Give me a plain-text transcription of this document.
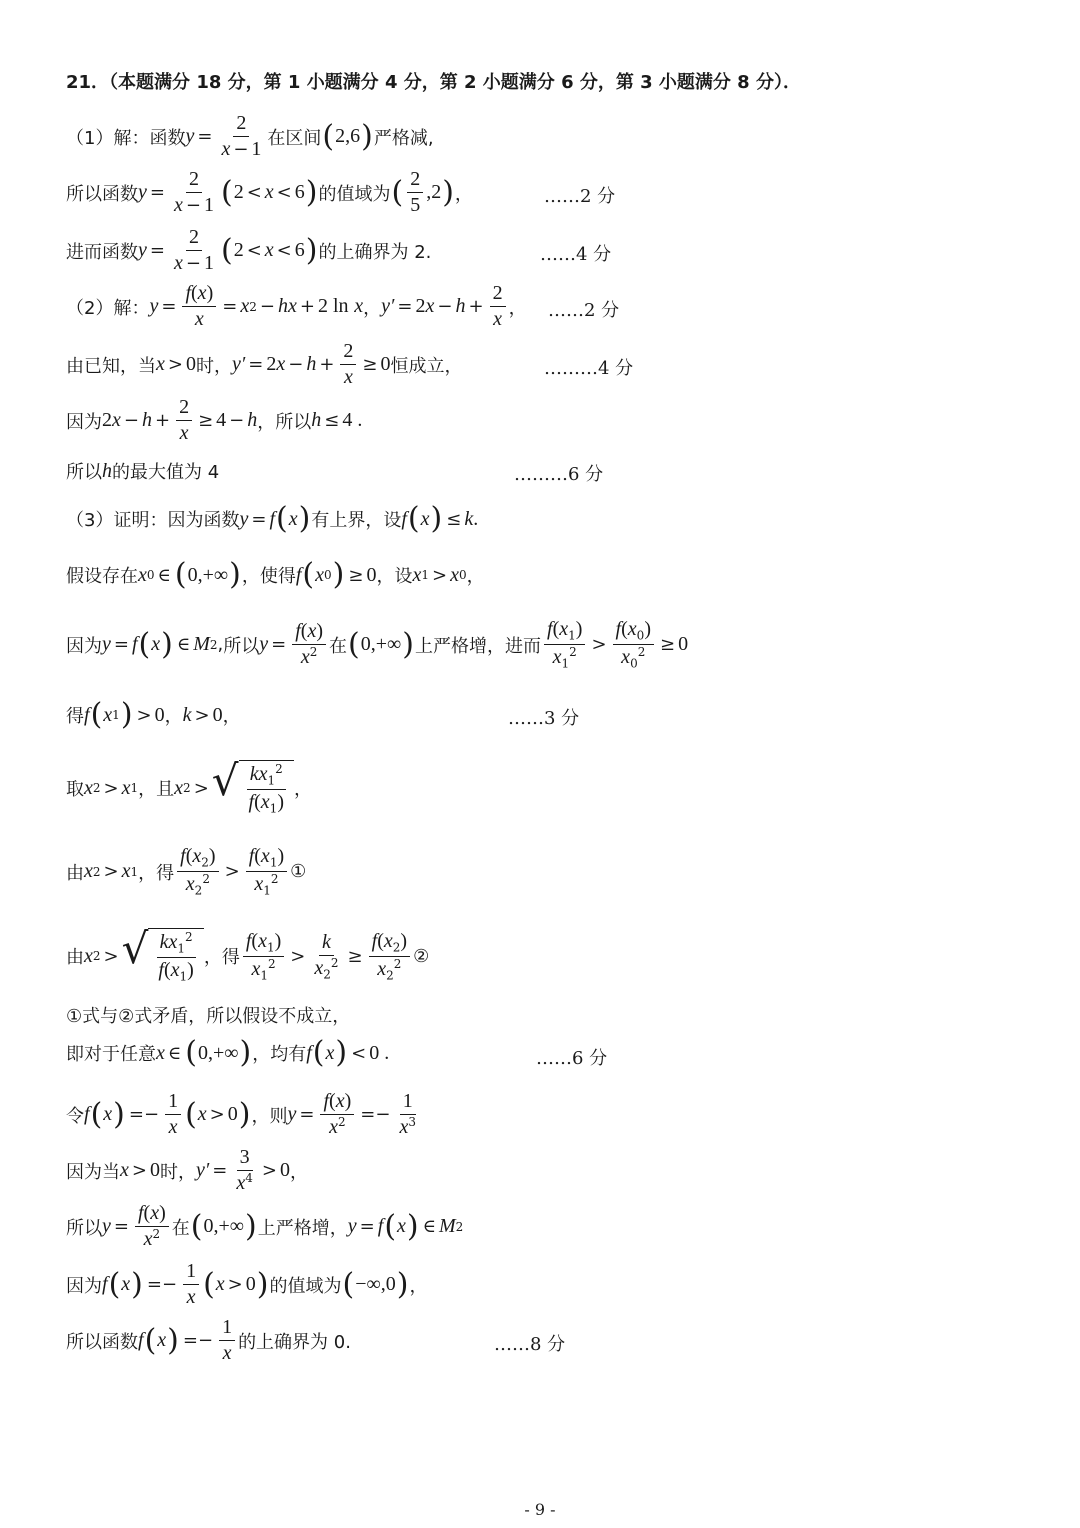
21．（本题满分 18 分，第 1 小题满分 4 分，第 2 小题满分 6 分，第 3 小题满分 8 分）．
（1）解：函数 $y = \frac{2}{x - 1}$ 在区间 ( 2,6 ) 严格减,
所以函数 $y = \frac{2}{x - 1}$ ( 2 < x < 6 ) 的值域为 ( $\frac{2}{5} ,2$ ) ，	……2 分
进而函数 $y = \frac{2}{x - 1}$ ( 2 < x < 6 ) 的上确界为 2.	……4 分
（2）解： $y = \frac{f(x)}{x} = x$ 2 − hx + 2 ln
x ， y′ = 2 $x - h + \frac{2}{x}$ ， ……2 分
由已知，当 x > 0 时， y′ = 2 $x - h + \frac{2}{x} \ge 0$ 恒成立，	………4 分
因为 2 $x - h + \frac{2}{x} \ge 4 - h$ ，所以 h ≤ 4 .
所以 h 的最大值为 4	………6 分
（3）证明：因为函数 y = f ( x ) 有上界，设 f ( x ) ≤ k .
假设存在 x 0 ∈ ( 0,+∞ ) ，使得 f ( x 0 ) ≥ 0 ，设 x 1 > x 0 ，
因为 y = f ( x ) ∈ M 2 , 所以 $y = \frac{f(x)}{x^2}$ 在 ( 0,+∞ ) 上严格增，进而 $\frac{f(x_1)}{x_1^2} > \frac{f(x_0)}{x_0^2} \ge 0$
得 f ( x 1 ) > 0 ， k > 0 ，	……3 分
取 x 2 > x 1 ，且 x 2 > √ $\frac{kx_1^2}{f(x_1)}$ ，
由 x 2 > x 1 ，得 $\frac{f(x_2)}{x_2^2} > \frac{f(x_1)}{x_1^2}$ ①
由 x 2 > √ $\frac{kx_1^2}{f(x_1)}$ ，得 $\frac{f(x_1)}{x_1^2} > \frac{k}{x_2^2} \ge \frac{f(x_2)}{x_2^2}$ ②
①式与②式矛盾，所以假设不成立，
即对于任意 x ∈ ( 0,+∞ ) ，均有 f ( x ) < 0 .	……6 分
令 f ( x ) =− $\frac{1}{x}$ ( x > 0 ) ，则 $y = \frac{f(x)}{x^2} =- \frac{1}{x^3}$
因为当 x > 0 时， $y' = \frac{3}{x^4} > 0$ ，
所以 $y = \frac{f(x)}{x^2}$ 在 ( 0,+∞ ) 上严格增， y = f ( x ) ∈ M 2
因为 f ( x ) =− $\frac{1}{x}$ ( x > 0 ) 的值域为 ( −∞,0 ) ，
所以函数 f ( x ) =− $\frac{1}{x}$ 的上确界为 0.	……8 分
- 9 -
